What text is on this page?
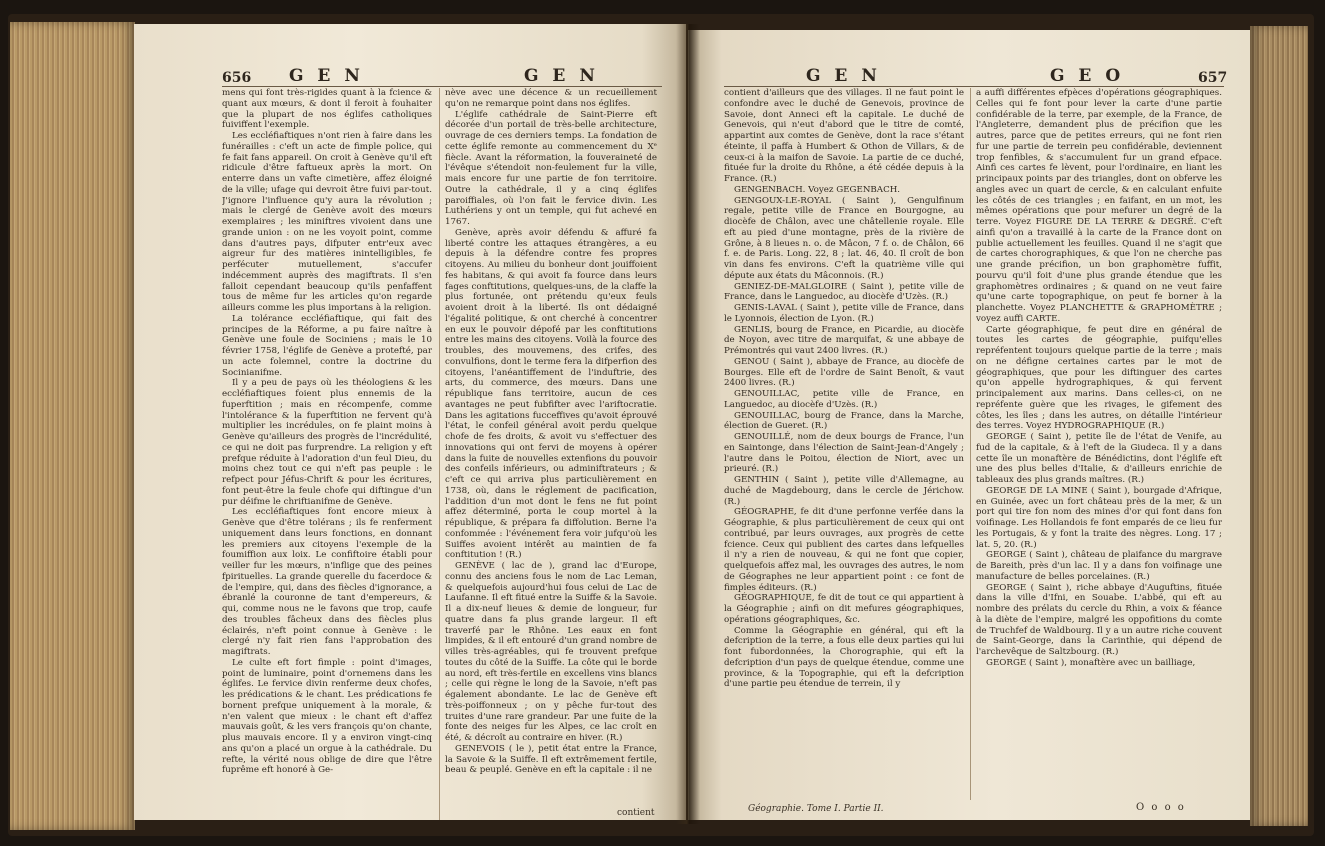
656 G E N	G E N

mens qui font très-rigides quant à la fcience & quant aux mœurs, & dont il feroit à fouhaiter que la plupart de nos églifes catholiques fuiviffent l'exemple.

Les eccléfiaftiques n'ont rien à faire dans les funérailles : c'eft un acte de fimple police, qui fe fait fans appareil. On croit à Genève qu'il eft ridicule d'être faftueux après la mort. On enterre dans un vafte cimetière, affez éloigné de la ville; ufage qui devroit être fuivi par-tout. J'ignore l'influence qu'y aura la révolution ; mais le clergé de Genève avoit des mœurs exemplaires ; les miniftres vivoient dans une grande union : on ne les voyoit point, comme dans d'autres pays, difputer entr'eux avec aigreur fur des matières inintelligibles, fe perfécuter mutuellement, s'accufer indécemment auprès des magiftrats. Il s'en falloit cependant beaucoup qu'ils penfaffent tous de même fur les articles qu'on regarde ailleurs comme les plus importans à la religion.

La tolérance eccléfiaftique, qui fait des principes de la Réforme, a pu faire naître à Genève une foule de Sociniens ; mais le 10 février 1758, l'églife de Genève a protefté, par un acte folemnel, contre la doctrine du Socinianifme.

Il y a peu de pays où les théologiens & les eccléfiaftiques foient plus ennemis de la fuperftition ; mais en récompenfe, comme l'intolérance & la fuperftition ne fervent qu'à multiplier les incrédules, on fe plaint moins à Genève qu'ailleurs des progrès de l'incrédulité, ce qui ne doit pas furprendre. La religion y eft prefque réduite à l'adoration d'un feul Dieu, du moins chez tout ce qui n'eft pas peuple : le refpect pour Jéfus-Chrift & pour les écritures, font peut-être la feule chofe qui diftingue d'un pur déifme le chriftianifme de Genève.

Les eccléfiaftiques font encore mieux à Genève que d'être tolérans ; ils fe renferment uniquement dans leurs fonctions, en donnant les premiers aux citoyens l'exemple de la foumiffion aux loix. Le confiftoire établi pour veiller fur les mœurs, n'inflige que des peines fpirituelles. La grande querelle du facerdoce & de l'empire, qui, dans des fiècles d'ignorance, a ébranlé la couronne de tant d'empereurs, & qui, comme nous ne le favons que trop, caufe des troubles fâcheux dans des fiècles plus éclairés, n'eft point connue à Genève : le clergé n'y fait rien fans l'approbation des magiftrats.

Le culte eft fort fimple : point d'images, point de luminaire, point d'ornemens dans les églifes. Le fervice divin renferme deux chofes, les prédications & le chant. Les prédications fe bornent prefque uniquement à la morale, & n'en valent que mieux : le chant eft d'affez mauvais goût, & les vers françois qu'on chante, plus mauvais encore. Il y a environ vingt-cinq ans qu'on a placé un orgue à la cathédrale. Du refte, la vérité nous oblige de dire que l'être fuprême eft honoré à Ge-

nève avec une décence & un recueillement qu'on ne remarque point dans nos églifes.

L'églife cathédrale de Saint-Pierre eft décorée d'un portail de très-belle architecture, ouvrage de ces derniers temps. La fondation de cette églife remonte au commencement du Xᵉ fiècle. Avant la réformation, la fouveraineté de l'évêque s'étendoit non-feulement fur la ville, mais encore fur une partie de fon territoire. Outre la cathédrale, il y a cinq églifes paroiffiales, où l'on fait le fervice divin. Les Luthériens y ont un temple, qui fut achevé en 1767.

Genève, après avoir défendu & affuré fa liberté contre les attaques étrangères, a eu depuis à la défendre contre fes propres citoyens. Au milieu du bonheur dont jouiffoient fes habitans, & qui avoit fa fource dans leurs fages conftitutions, quelques-uns, de la claffe la plus fortunée, ont prétendu qu'eux feuls avoient droit à la liberté. Ils ont dédaigné l'égalité politique, & ont cherché à concentrer en eux le pouvoir dépofé par les conftitutions entre les mains des citoyens. Voilà la fource des troubles, des mouvemens, des crifes, des convulfions, dont le terme fera la difperfion des citoyens, l'anéantiffement de l'induftrie, des arts, du commerce, des mœurs. Dans une république fans territoire, aucun de ces avantages ne peut fubfifter avec l'ariftocratie. Dans les agitations fucceffives qu'avoit éprouvé l'état, le confeil général avoit perdu quelque chofe de fes droits, & avoit vu s'effectuer des innovations qui ont fervi de moyens à opérer dans la fuite de nouvelles extenfions du pouvoir des confeils inférieurs, ou adminiftrateurs ; & c'eft ce qui arriva plus particulièrement en 1738, où, dans le réglement de pacification, l'addition d'un mot dont le fens ne fut point affez déterminé, porta le coup mortel à la république, & prépara fa diffolution. Berne l'a confommée : l'événement fera voir jufqu'où les Suiffes avoient intérêt au maintien de fa conftitution ! (R.)

GENÈVE ( lac de ), grand lac d'Europe, connu des anciens fous le nom de Lac Leman, & quelquefois aujourd'hui fous celui de Lac de Laufanne. Il eft fitué entre la Suiffe & la Savoie. Il a dix-neuf lieues & demie de longueur, fur quatre dans fa plus grande largeur. Il eft traverfé par le Rhône. Les eaux en font limpides, & il eft entouré d'un grand nombre de villes très-agréables, qui fe trouvent prefque toutes du côté de la Suiffe. La côte qui le borde au nord, eft très-fertile en excellens vins blancs ; celle qui règne le long de la Savoie, n'eft pas également abondante. Le lac de Genève eft très-poiffonneux ; on y pêche fur-tout des truites d'une rare grandeur. Par une fuite de la fonte des neiges fur les Alpes, ce lac croît en été, & décroît au contraire en hiver. (R.)

GENEVOIS ( le ), petit état entre la France, la Savoie & la Suiffe. Il eft extrêmement fertile, beau & peuplé. Genève en eft la capitale : il ne

contient
G E N	G E O	657

contient d'ailleurs que des villages. Il ne faut point le confondre avec le duché de Genevois, province de Savoie, dont Anneci eft la capitale. Le duché de Genevois, qui n'eut d'abord que le titre de comté, appartint aux comtes de Genève, dont la race s'étant éteinte, il paffa à Humbert & Othon de Villars, & de ceux-ci à la maifon de Savoie. La partie de ce duché, fituée fur la droite du Rhône, a été cédée depuis à la France. (R.)

GENGENBACH. Voyez GEGENBACH.

GENGOUX-LE-ROYAL ( Saint ), Gengulfinum regale, petite ville de France en Bourgogne, au diocèfe de Châlon, avec une châtellenie royale. Elle eft au pied d'une montagne, près de la rivière de Grône, à 8 lieues n. o. de Mâcon, 7 f. o. de Châlon, 66 f. e. de Paris. Long. 22, 8 ; lat. 46, 40. Il croît de bon vin dans fes environs. C'eft la quatrième ville qui députe aux états du Mâconnois. (R.)

GENIEZ-DE-MALGLOIRE ( Saint ), petite ville de France, dans le Languedoc, au diocèfe d'Uzès. (R.)

GENIS-LAVAL ( Saint ), petite ville de France, dans le Lyonnois, élection de Lyon. (R.)

GENLIS, bourg de France, en Picardie, au diocèfe de Noyon, avec titre de marquifat, & une abbaye de Prémontrés qui vaut 2400 livres. (R.)

GENOU ( Saint ), abbaye de France, au diocèfe de Bourges. Elle eft de l'ordre de Saint Benoît, & vaut 2400 livres. (R.)

GENOUILLAC, petite ville de France, en Languedoc, au diocèfe d'Uzès. (R.)

GENOUILLAC, bourg de France, dans la Marche, élection de Gueret. (R.)

GENOUILLÉ, nom de deux bourgs de France, l'un en Saintonge, dans l'élection de Saint-Jean-d'Angely ; l'autre dans le Poitou, élection de Niort, avec un prieuré. (R.)

GENTHIN ( Saint ), petite ville d'Allemagne, au duché de Magdebourg, dans le cercle de Jérichow. (R.)

GÉOGRAPHE, fe dit d'une perfonne verfée dans la Géographie, & plus particulièrement de ceux qui ont contribué, par leurs ouvrages, aux progrès de cette fcience. Ceux qui publient des cartes dans lefquelles il n'y a rien de nouveau, & qui ne font que copier, quelquefois affez mal, les ouvrages des autres, le nom de Géographes ne leur appartient point : ce font de fimples éditeurs. (R.)

GÉOGRAPHIQUE, fe dit de tout ce qui appartient à la Géographie ; ainfi on dit mefures géographiques, opérations géographiques, &c.

Comme la Géographie en général, qui eft la defcription de la terre, a fous elle deux parties qui lui font fubordonnées, la Chorographie, qui eft la defcription d'un pays de quelque étendue, comme une province, & la Topographie, qui eft la defcription d'une partie peu étendue de terrein, il y

a auffi différentes efpèces d'opérations géographiques. Celles qui fe font pour lever la carte d'une partie confidérable de la terre, par exemple, de la France, de l'Angleterre, demandent plus de précifion que les autres, parce que de petites erreurs, qui ne font rien fur une partie de terrein peu confidérable, deviennent trop fenfibles, & s'accumulent fur un grand efpace. Ainfi ces cartes fe lèvent, pour l'ordinaire, en liant les principaux points par des triangles, dont on obferve les angles avec un quart de cercle, & en calculant enfuite les côtés de ces triangles ; en faifant, en un mot, les mêmes opérations que pour mefurer un degré de la terre. Voyez FIGURE DE LA TERRE & DEGRÉ. C'eft ainfi qu'on a travaillé à la carte de la France dont on publie actuellement les feuilles. Quand il ne s'agit que de cartes chorographiques, & que l'on ne cherche pas une grande précifion, un bon graphomètre fuffit, pourvu qu'il foit d'une plus grande étendue que les graphomètres ordinaires ; & quand on ne veut faire qu'une carte topographique, on peut fe borner à la planchette. Voyez PLANCHETTE & GRAPHOMÈTRE ; voyez auffi CARTE.

Carte géographique, fe peut dire en général de toutes les cartes de géographie, puifqu'elles repréfentent toujours quelque partie de la terre ; mais on ne défigne certaines cartes par le mot de géographiques, que pour les diftinguer des cartes qu'on appelle hydrographiques, & qui fervent principalement aux marins. Dans celles-ci, on ne repréfente guère que les rivages, le gifement des côtes, les îles ; dans les autres, on détaille l'intérieur des terres. Voyez HYDROGRAPHIQUE (R.)

GEORGE ( Saint ), petite île de l'état de Venife, au fud de la capitale, & à l'eft de la Giudeca. Il y a dans cette île un monaftère de Bénédictins, dont l'églife eft une des plus belles d'Italie, & d'ailleurs enrichie de tableaux des plus grands maîtres. (R.)

GEORGE DE LA MINE ( Saint ), bourgade d'Afrique, en Guinée, avec un fort château près de la mer, & un port qui tire fon nom des mines d'or qui font dans fon voifinage. Les Hollandois fe font emparés de ce lieu fur les Portugais, & y font la traite des nègres. Long. 17 ; lat. 5, 20. (R.)

GEORGE ( Saint ), château de plaifance du margrave de Bareith, près d'un lac. Il y a dans fon voifinage une manufacture de belles porcelaines. (R.)

GEORGE ( Saint ), riche abbaye d'Auguftins, fituée dans la ville d'Ifni, en Souabe. L'abbé, qui eft au nombre des prélats du cercle du Rhin, a voix & féance à la diète de l'empire, malgré les oppofitions du comte de Truchfef de Waldbourg. Il y a un autre riche couvent de Saint-George, dans la Carinthie, qui dépend de l'archevêque de Saltzbourg. (R.)

GEORGE ( Saint ), monaftère avec un bailliage,

Géographie. Tome I. Partie II.	O o o o
